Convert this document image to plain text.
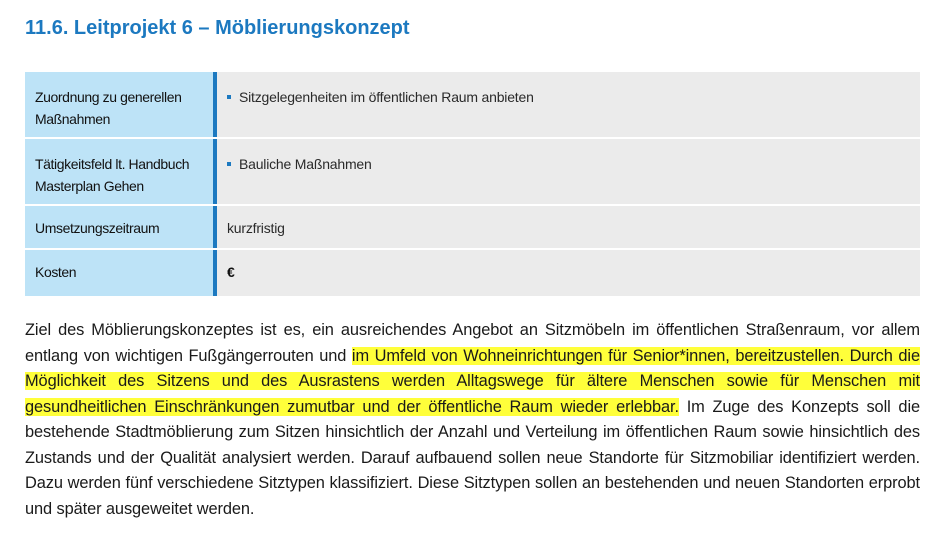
11.6. Leitprojekt 6 – Möblierungskonzept
Zuordnung zu generellen Maßnahmen
Sitzgelegenheiten im öffentlichen Raum anbieten
Tätigkeitsfeld lt. Handbuch Masterplan Gehen
Bauliche Maßnahmen
Umsetzungszeitraum	kurzfristig
Kosten	€

Ziel des Möblierungskonzeptes ist es, ein ausreichendes Angebot an Sitzmöbeln im öffentlichen Straßenraum, vor allem entlang von wichtigen Fußgängerrouten und im Umfeld von Wohneinrichtungen für Senior*innen, bereitzustellen. Durch die Möglichkeit des Sitzens und des Ausrastens werden Alltagswege für ältere Menschen sowie für Menschen mit gesundheitlichen Einschränkungen zumutbar und der öffentliche Raum wieder erlebbar. Im Zuge des Konzepts soll die bestehende Stadtmöblierung zum Sitzen hinsichtlich der Anzahl und Verteilung im öffentlichen Raum sowie hinsichtlich des Zustands und der Qualität analysiert werden. Darauf aufbauend sollen neue Standorte für Sitzmobiliar identifiziert werden. Dazu werden fünf verschiedene Sitztypen klassifiziert. Diese Sitztypen sollen an bestehenden und neuen Standorten erprobt und später ausgeweitet werden.
